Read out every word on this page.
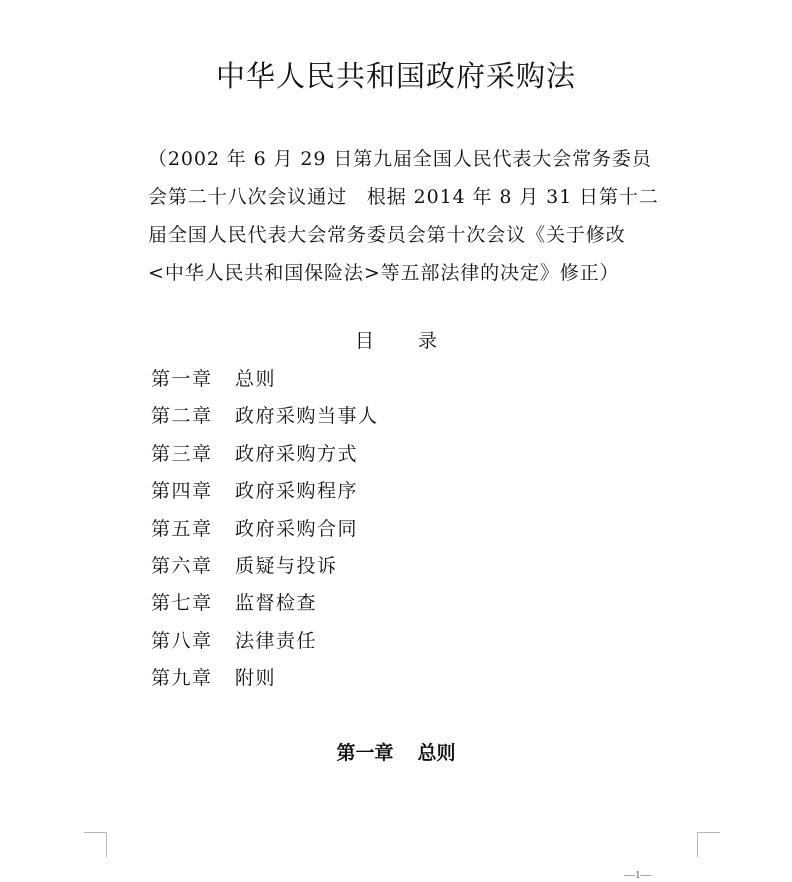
中华人民共和国政府采购法
（2002 年 6 月 29 日第九届全国人民代表大会常务委员
会第二十八次会议通过　根据 2014 年 8 月 31 日第十二
届全国人民代表大会常务委员会第十次会议《关于修改
<中华人民共和国保险法>等五部法律的决定》修正）
目 录
第一章 总则
第二章 政府采购当事人
第三章 政府采购方式
第四章 政府采购程序
第五章 政府采购合同
第六章 质疑与投诉
第七章 监督检查
第八章 法律责任
第九章 附则
第一章 总则
—1—
